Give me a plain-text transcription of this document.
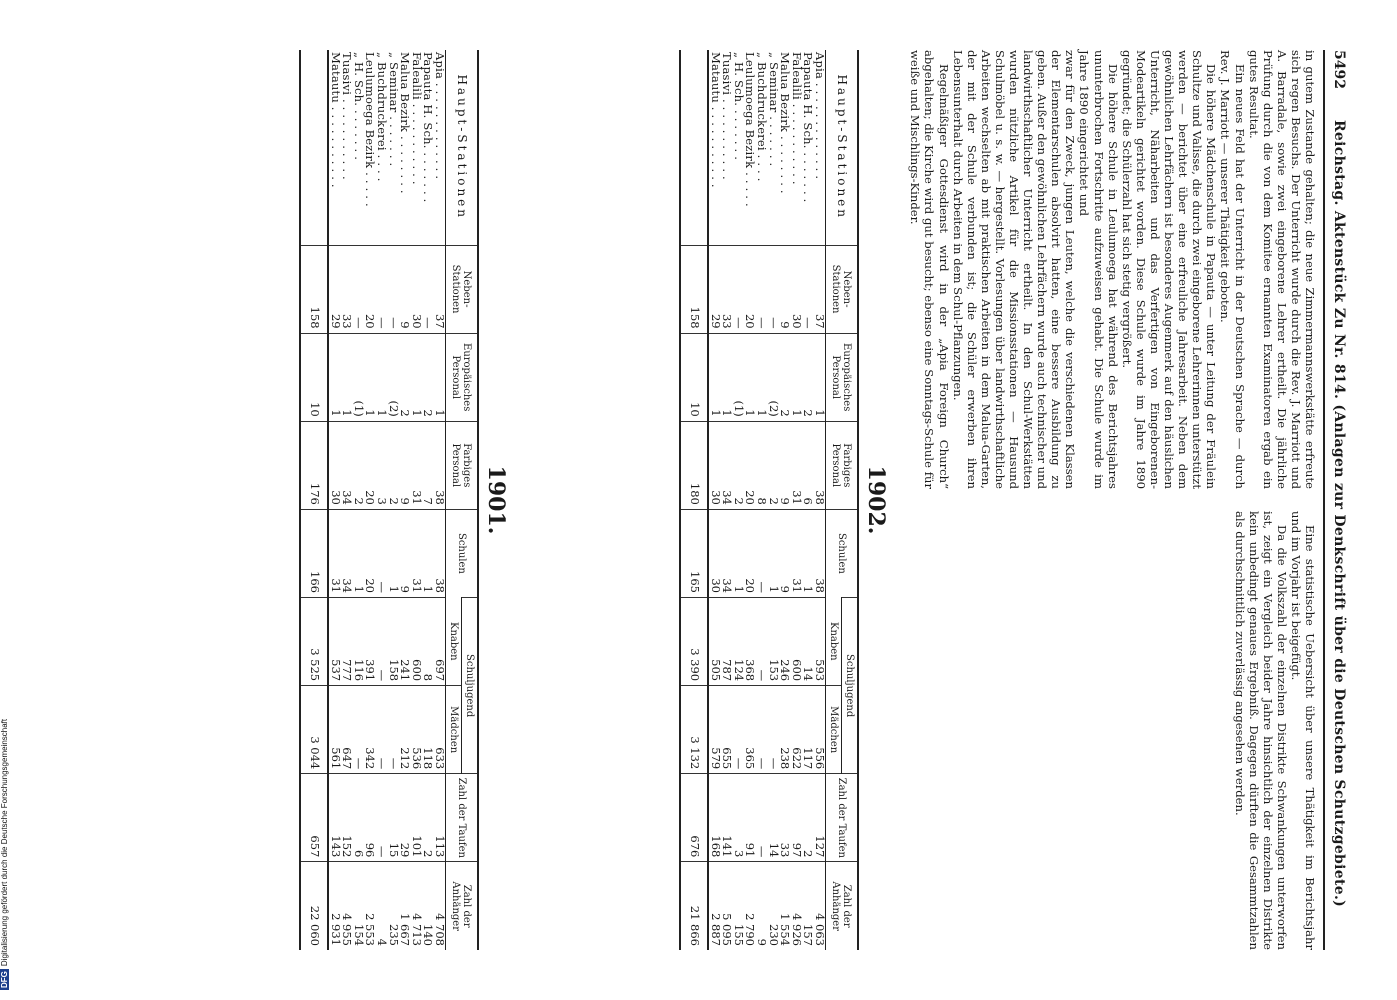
5492
Reichstag. Aktenstück Zu Nr. 814. (Anlagen zur Denkschrift über die Deutschen Schutzgebiete.)

in gutem Zustande gehalten; die neue Zimmermannswerkstätte erfreute sich regen Besuchs. Der Unterricht wurde durch die Rev. J. Marriott und A. Barradale, sowie zwei eingeborene Lehrer ertheilt. Die jährliche Prüfung durch die von dem Komitee ernannten Examinatoren ergab ein gutes Resultat.

Ein neues Feld hat der Unterricht in der Deutschen Sprache — durch Rev. J. Marriott — unserer Thätigkeit geboten.

Die höhere Mädchenschule in Papauta — unter Leitung der Fräulein Schultze und Valisse, die durch zwei eingeborene Lehrerinnen unterstützt werden — berichtet über eine erfreuliche Jahresarbeit. Neben dem gewöhnlichen Lehrfächern ist besonderes Augenmerk auf den häuslichen Unterricht, Näharbeiten und das Verfertigen von Eingeborenen-Modeartikeln gerichtet worden. Diese Schule wurde im Jahre 1890 gegründet; die Schülerzahl hat sich stetig vergrößert.

Die höhere Schule in Leulumoega hat während des Berichtsjahres ununterbrochen Fortschritte aufzuweisen gehabt. Die Schule wurde im Jahre 1890 eingerichtet und

zwar für den Zweck, jungen Leuten, welche die verschiedenen Klassen der Elementarschulen absolvirt hatten, eine bessere Ausbildung zu geben. Außer den gewöhnlichen Lehrfächern wurde auch technischer und landwirthschaftlicher Unterricht ertheilt. In den Schul-Werkstätten wurden nützliche Artikel für die Missionsstationen — Hausund Schulmöbel u. s. w. — hergestellt. Vorlesungen über landwirthschaftliche Arbeiten wechselten ab mit praktischen Arbeiten in dem Malua-Garten, der mit der Schule verbunden ist; die Schüler erwerben ihren Lebensunterhalt durch Arbeiten in dem Schul-Pflanzungen.

Regelmäßiger Gottesdienst wird in der „Apia Foreign Church“ abgehalten; die Kirche wird gut besucht; ebenso eine Sonntags-Schule für weiße und Mischlings-Kinder.

Eine statistische Uebersicht über unsere Thätigkeit im Berichtsjahr und im Vorjahr ist beigefügt.

Da die Volkszahl der einzelnen Distrikte Schwankungen unterworfen ist, zeigt ein Vergleich beider Jahre hinsichtlich der einzelnen Distrikte kein unbedingt genaues Ergebniß. Dagegen dürften die Gesammtzahlen als durchschnittlich zuverlässig angesehen werden.

1902.
Haupt-Stationen	Neben-Stationen	Europäisches Personal	Farbiges Personal	Schulen	Schuljugend		Zahl der Taufen	Zahl der Anhänger
					Knaben	Mädchen		
Apia . . . . . . . . . . . . .	37	1	38	38	593	556	127	4 063
Papauta H. Sch. . . . . . . .	—	2	6	1	14	117	2	157
Falealili . . . . . . . . . . .	30	1	31	31	600	622	97	4 926
Malua Bezirk . . . . . . . .	9	2	9	9	246	238	33	1 554
„ Seminar . . . . . . .	—	(2)	2	1	153	—	14	230
„ Buchdruckerei . . . .	—	1	8	—	—	—	—	9
Leulumoega Bezirk . . . . .	20	1	20	20	368	365	91	2 790
„ H. Sch. . . . . . . .	—	(1)	2	1	124	—	3	155
Tuasivi . . . . . . . . . . .	33	1	34	34	787	655	141	5 095
Matautu . . . . . . . . . . .	29	1	30	30	505	579	168	2 887
	158	10	180	165	3 390	3 132	676	21 866
1901.
Haupt-Stationen	Neben-Stationen	Europäisches Personal	Farbiges Personal	Schulen	Schuljugend		Zahl der Taufen	Zahl der Anhänger
					Knaben	Mädchen		
Apia . . . . . . . . . . . . .	37	1	38	38	697	633	113	4 708
Papauta H. Sch. . . . . . . .	—	2	7	1	8	118	2	140
Falealili . . . . . . . . . . .	30	1	31	31	600	536	101	4 713
Malua Bezirk . . . . . . . .	9	2	9	9	241	212	29	1 667
„ Seminar . . . . . . .	—	(2)	2	1	158	—	15	235
„ Buchdruckerei . . . .	—	1	3	—	—	—	—	4
Leulumoega Bezirk . . . . .	20	1	20	20	391	342	96	2 553
„ H. Sch. . . . . . . .	—	(1)	2	1	116	—	6	154
Tuasivi . . . . . . . . . . .	33	1	34	34	777	647	152	4 955
Matautu . . . . . . . . . . .	29	1	30	31	537	561	143	2 931
	158	10	176	166	3 525	3 044	657	22 060
DFGDigitalisierung gefördert durch die Deutsche Forschungsgemeinschaft
